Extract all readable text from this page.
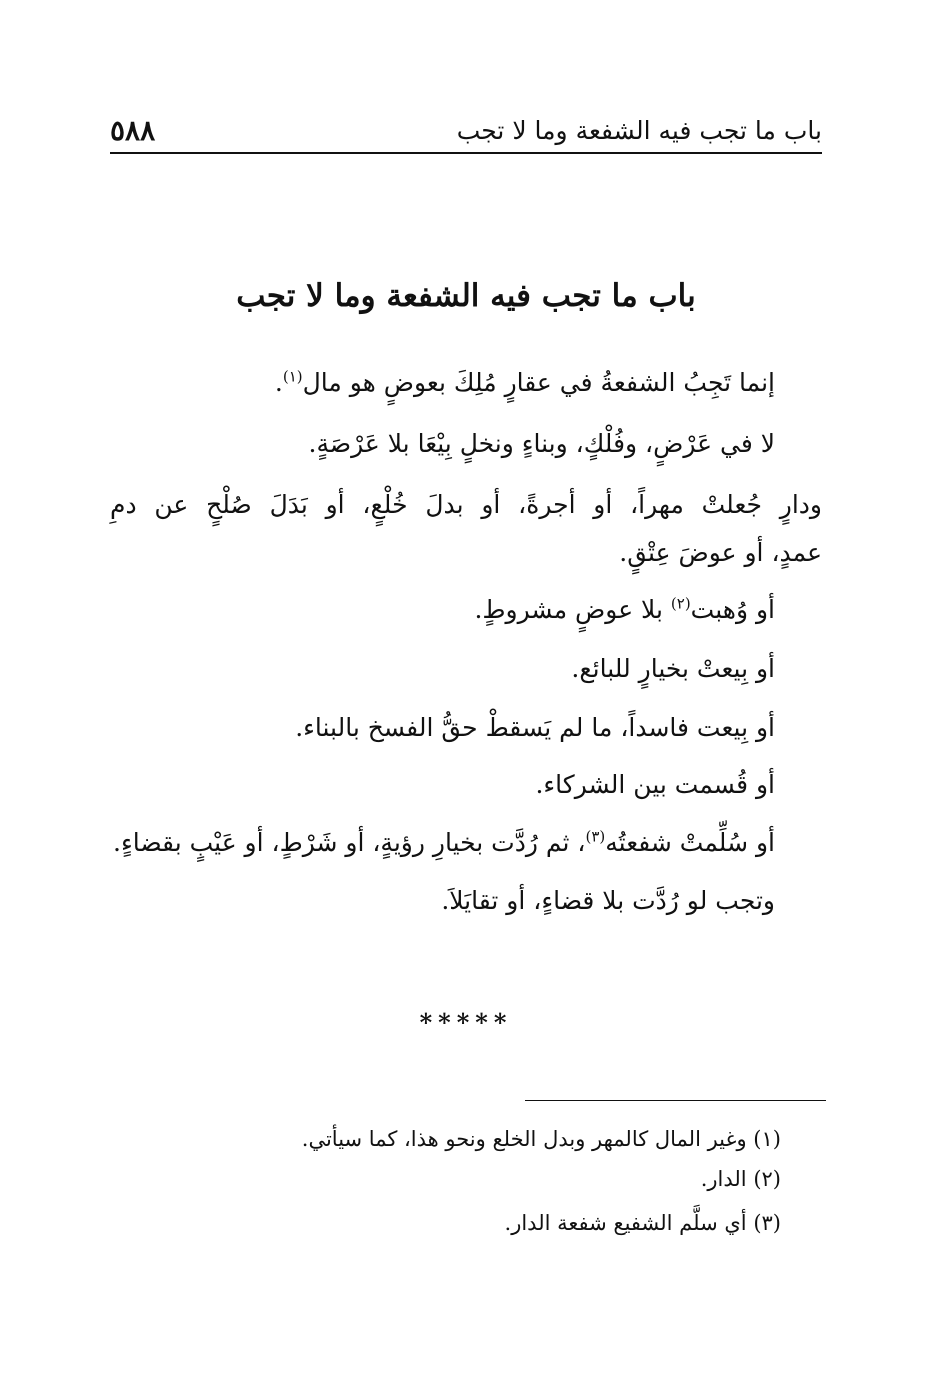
باب ما تجب فيه الشفعة وما لا تجب
٥٨٨
باب ما تجب فيه الشفعة وما لا تجب
إنما تَجِبُ الشفعةُ في عقارٍ مُلِكَ بعوضٍ هو مال$^{(١)}$.
لا في عَرْضٍ، وفُلْكٍ، وبناءٍ ونخلٍ بِيْعَا بلا عَرْصَةٍ.
ودارٍ جُعلتْ مهراً، أو أجرةً، أو بدلَ خُلْعٍ، أو بَدَلَ صُلْحٍ عن دمِ
عمدٍ، أو عوضَ عِتْقٍ.
أو وُهبت$^{(٢)}$ بلا عوضٍ مشروطٍ.
أو بِيعتْ بخيارٍ للبائع.
أو بِيعت فاسداً، ما لم يَسقطْ حقُّ الفسخ بالبناء.
أو قُسمت بين الشركاء.
أو سُلِّمتْ شفعتُه$^{(٣)}$، ثم رُدَّت بخيارِ رؤيةٍ، أو شَرْطٍ، أو عَيْبٍ بقضاءٍ.
وتجب لو رُدَّت بلا قضاءٍ، أو تقايَلاَ.
*****
(١) وغير المال كالمهر وبدل الخلع ونحو هذا، كما سيأتي.
(٢) الدار.
(٣) أي سلَّم الشفيع شفعة الدار.
